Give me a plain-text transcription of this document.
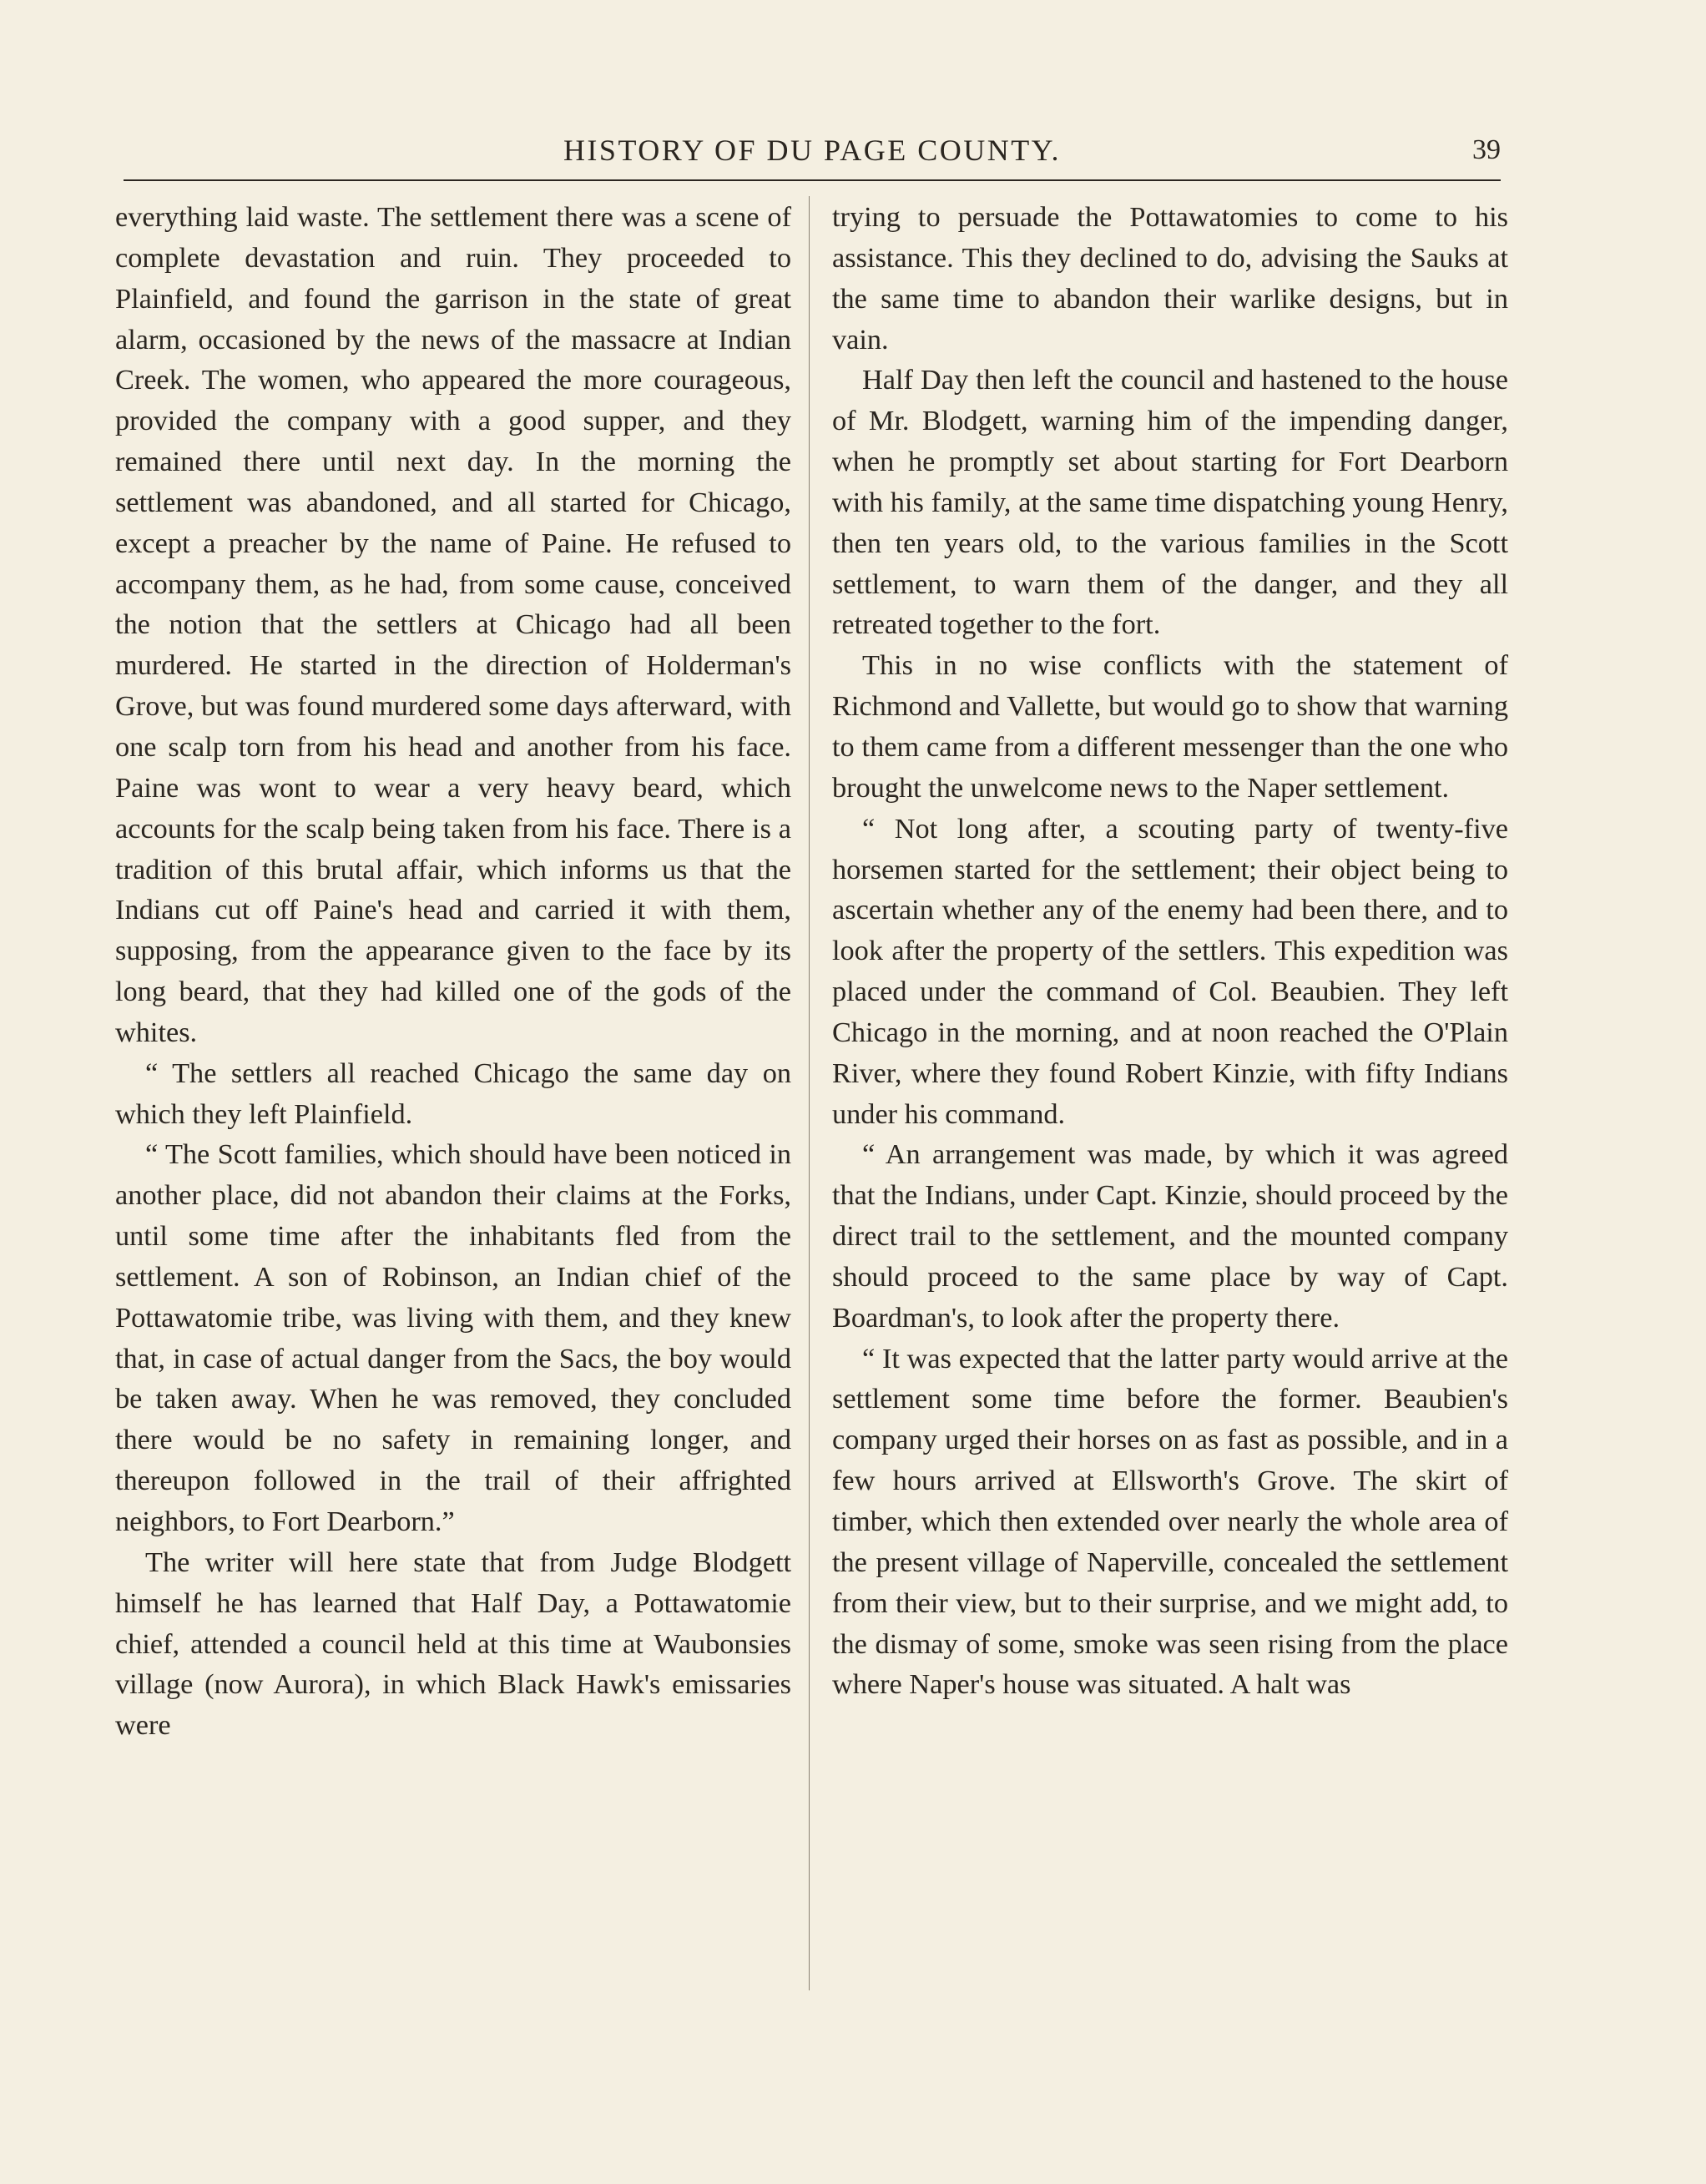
HISTORY OF DU PAGE COUNTY.	39

everything laid waste. The settlement there was a scene of complete devastation and ruin. They proceeded to Plainfield, and found the garrison in the state of great alarm, occasioned by the news of the massacre at Indian Creek. The women, who appeared the more courageous, provided the company with a good supper, and they remained there until next day. In the morning the settlement was abandoned, and all started for Chicago, except a preacher by the name of Paine. He refused to accompany them, as he had, from some cause, conceived the notion that the settlers at Chicago had all been murdered. He started in the direction of Holderman's Grove, but was found murdered some days afterward, with one scalp torn from his head and another from his face. Paine was wont to wear a very heavy beard, which accounts for the scalp being taken from his face. There is a tradition of this brutal affair, which informs us that the Indians cut off Paine's head and carried it with them, supposing, from the appearance given to the face by its long beard, that they had killed one of the gods of the whites.

“ The settlers all reached Chicago the same day on which they left Plainfield.

“ The Scott families, which should have been noticed in another place, did not abandon their claims at the Forks, until some time after the inhabitants fled from the settlement. A son of Robinson, an Indian chief of the Pottawatomie tribe, was living with them, and they knew that, in case of actual danger from the Sacs, the boy would be taken away. When he was removed, they concluded there would be no safety in remaining longer, and thereupon followed in the trail of their affrighted neighbors, to Fort Dearborn.”

The writer will here state that from Judge Blodgett himself he has learned that Half Day, a Pottawatomie chief, attended a council held at this time at Waubonsies village (now Aurora), in which Black Hawk's emissaries were

trying to persuade the Pottawatomies to come to his assistance. This they declined to do, advising the Sauks at the same time to abandon their warlike designs, but in vain.

Half Day then left the council and hastened to the house of Mr. Blodgett, warning him of the impending danger, when he promptly set about starting for Fort Dearborn with his family, at the same time dispatching young Henry, then ten years old, to the various families in the Scott settlement, to warn them of the danger, and they all retreated together to the fort.

This in no wise conflicts with the statement of Richmond and Vallette, but would go to show that warning to them came from a different messenger than the one who brought the unwelcome news to the Naper settlement.

“ Not long after, a scouting party of twenty-five horsemen started for the settlement; their object being to ascertain whether any of the enemy had been there, and to look after the property of the settlers. This expedition was placed under the command of Col. Beaubien. They left Chicago in the morning, and at noon reached the O'Plain River, where they found Robert Kinzie, with fifty Indians under his command.

“ An arrangement was made, by which it was agreed that the Indians, under Capt. Kinzie, should proceed by the direct trail to the settlement, and the mounted company should proceed to the same place by way of Capt. Boardman's, to look after the property there.

“ It was expected that the latter party would arrive at the settlement some time before the former. Beaubien's company urged their horses on as fast as possible, and in a few hours arrived at Ellsworth's Grove. The skirt of timber, which then extended over nearly the whole area of the present village of Naperville, concealed the settlement from their view, but to their surprise, and we might add, to the dismay of some, smoke was seen rising from the place where Naper's house was situated. A halt was
